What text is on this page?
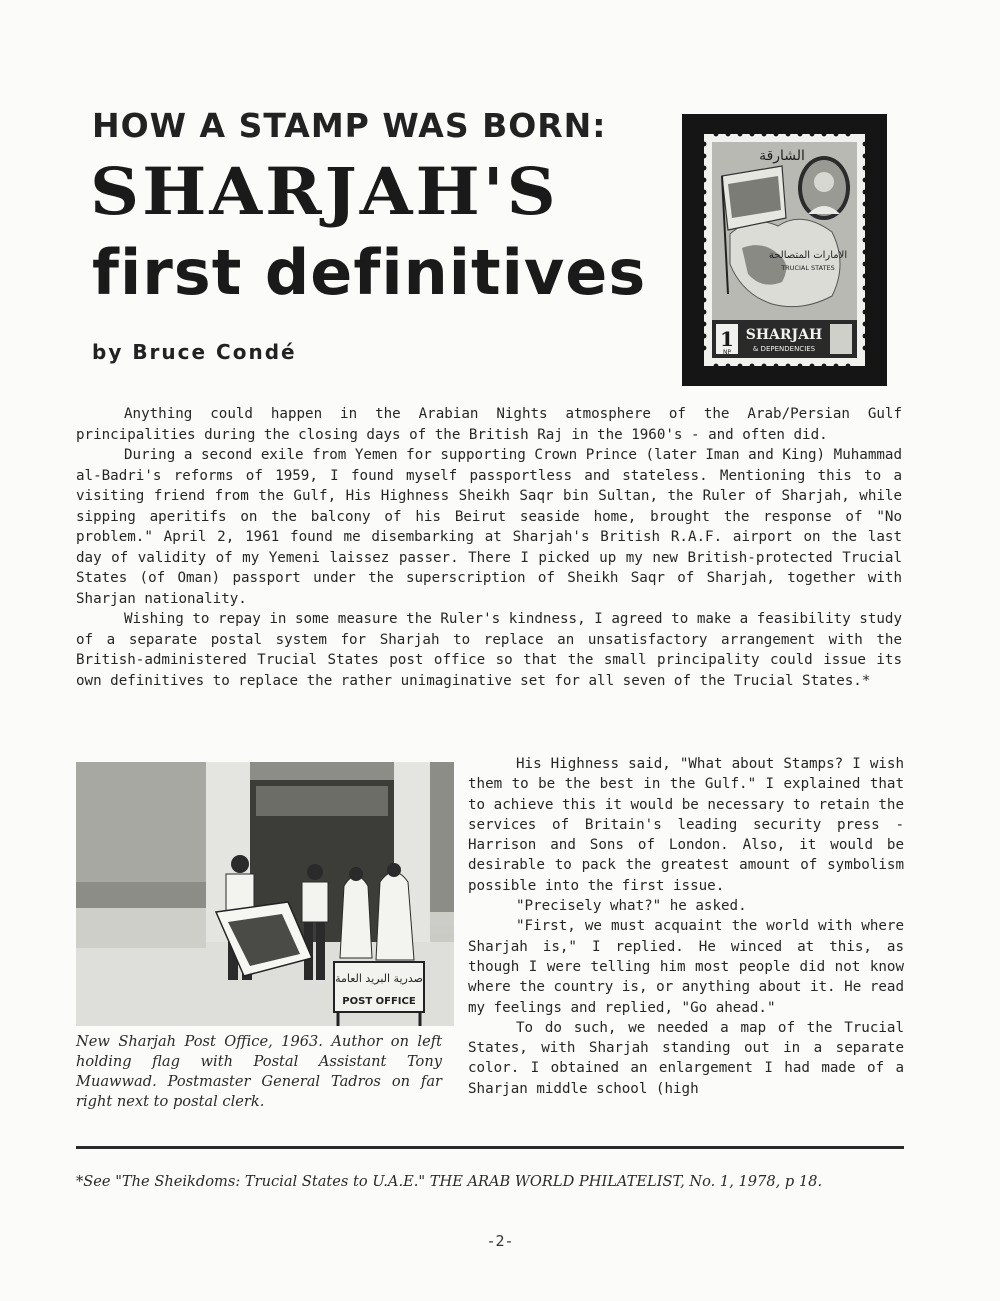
HOW A STAMP WAS BORN:
SHARJAH'S
first definitives
by Bruce Condé
1
NP
SHARJAH
& DEPENDENCIES
الشارقة
الامارات المتصالحة
TRUCIAL STATES

Anything could happen in the Arabian Nights atmosphere of the Arab/Persian Gulf principalities during the closing days of the British Raj in the 1960's - and often did.

During a second exile from Yemen for supporting Crown Prince (later Iman and King) Muhammad al-Badri's reforms of 1959, I found myself passportless and stateless. Mentioning this to a visiting friend from the Gulf, His Highness Sheikh Saqr bin Sultan, the Ruler of Sharjah, while sipping aperitifs on the balcony of his Beirut seaside home, brought the response of "No problem." April 2, 1961 found me disembarking at Sharjah's British R.A.F. airport on the last day of validity of my Yemeni laissez passer. There I picked up my new British-protected Trucial States (of Oman) passport under the superscription of Sheikh Saqr of Sharjah, together with Sharjan nationality.

Wishing to repay in some measure the Ruler's kindness, I agreed to make a feasibility study of a separate postal system for Sharjah to replace an unsatisfactory arrangement with the British-administered Trucial States post office so that the small principality could issue its own definitives to replace the rather unimaginative set for all seven of the Trucial States.*

صدرية البريد العامة
POST OFFICE
New Sharjah Post Office, 1963. Author on left holding flag with Postal Assistant Tony Muawwad. Postmaster General Tadros on far right next to postal clerk.

His Highness said, "What about Stamps? I wish them to be the best in the Gulf." I explained that to achieve this it would be necessary to retain the services of Britain's leading security press - Harrison and Sons of London. Also, it would be desirable to pack the greatest amount of symbolism possible into the first issue.

"Precisely what?" he asked.

"First, we must acquaint the world with where Sharjah is," I replied. He winced at this, as though I were telling him most people did not know where the country is, or anything about it. He read my feelings and replied, "Go ahead."

To do such, we needed a map of the Trucial States, with Sharjah standing out in a separate color. I obtained an enlargement I had made of a Sharjan middle school (high

*See "The Sheikdoms: Trucial States to U.A.E." THE ARAB WORLD PHILATELIST, No. 1, 1978, p 18.
-2-
